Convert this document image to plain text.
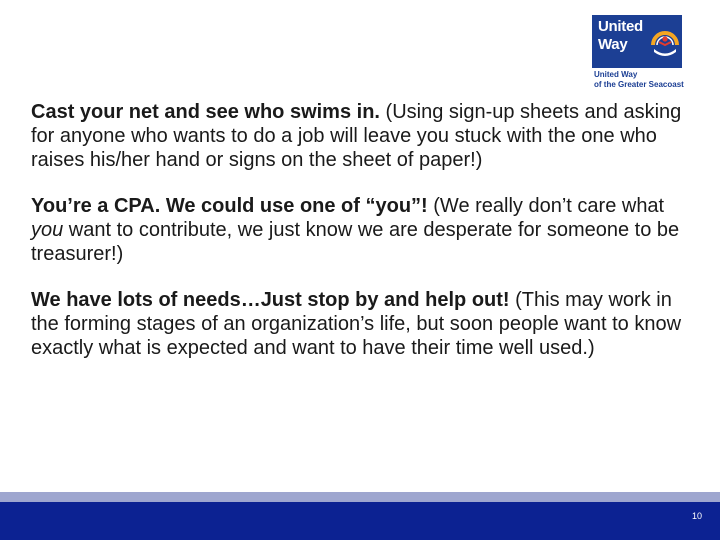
United
Way
United Way
of the Greater Seacoast

Cast your net and see who swims in. (Using sign-up sheets and asking for anyone who wants to do a job will leave you stuck with the one who raises his/her hand or signs on the sheet of paper!)

You’re a CPA. We could use one of “you”! (We really don’t care what you want to contribute, we just know we are desperate for someone to be treasurer!)

We have lots of needs…Just stop by and help out! (This may work in the forming stages of an organization’s life, but soon people want to know exactly what is expected and want to have their time well used.)

10
